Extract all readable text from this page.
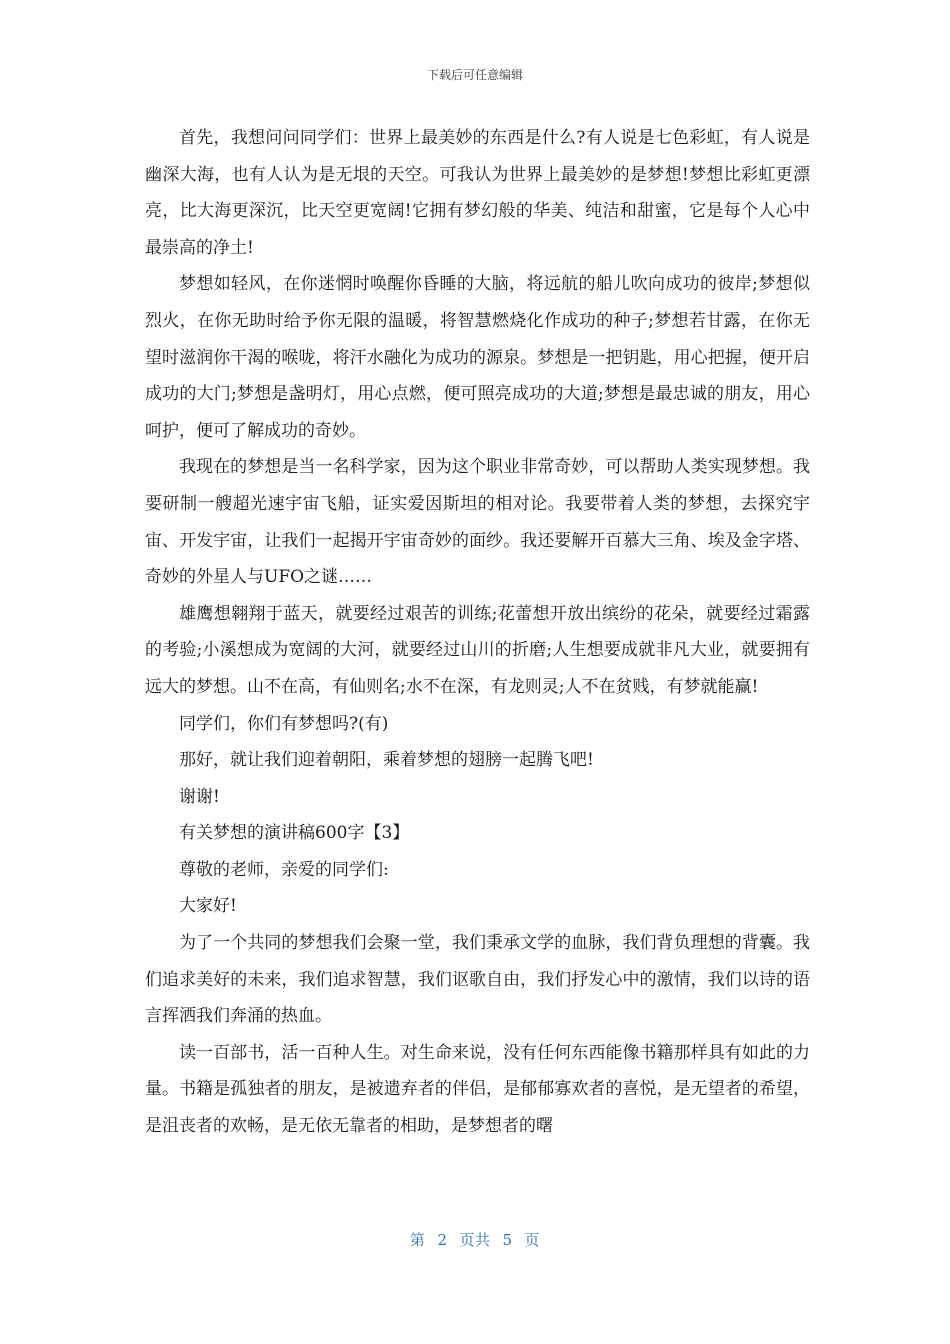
下载后可任意编辑

首先，我想问问同学们：世界上最美妙的东西是什么?有人说是七色彩虹，有人说是幽深大海，也有人认为是无垠的天空。可我认为世界上最美妙的是梦想!梦想比彩虹更漂亮，比大海更深沉，比天空更宽阔!它拥有梦幻般的华美、纯洁和甜蜜，它是每个人心中最崇高的净土!

梦想如轻风，在你迷惘时唤醒你昏睡的大脑，将远航的船儿吹向成功的彼岸;梦想似烈火，在你无助时给予你无限的温暖，将智慧燃烧化作成功的种子;梦想若甘露，在你无望时滋润你干渴的喉咙，将汗水融化为成功的源泉。梦想是一把钥匙，用心把握，便开启成功的大门;梦想是盏明灯，用心点燃，便可照亮成功的大道;梦想是最忠诚的朋友，用心呵护，便可了解成功的奇妙。

我现在的梦想是当一名科学家，因为这个职业非常奇妙，可以帮助人类实现梦想。我要研制一艘超光速宇宙飞船，证实爱因斯坦的相对论。我要带着人类的梦想，去探究宇宙、开发宇宙，让我们一起揭开宇宙奇妙的面纱。我还要解开百慕大三角、埃及金字塔、奇妙的外星人与UFO之谜……

雄鹰想翱翔于蓝天，就要经过艰苦的训练;花蕾想开放出缤纷的花朵，就要经过霜露的考验;小溪想成为宽阔的大河，就要经过山川的折磨;人生想要成就非凡大业，就要拥有远大的梦想。山不在高，有仙则名;水不在深，有龙则灵;人不在贫贱，有梦就能赢!

同学们，你们有梦想吗?(有)

那好，就让我们迎着朝阳，乘着梦想的翅膀一起腾飞吧!

谢谢!

有关梦想的演讲稿600字【3】

尊敬的老师，亲爱的同学们:

大家好!

为了一个共同的梦想我们会聚一堂，我们秉承文学的血脉，我们背负理想的背囊。我们追求美好的未来，我们追求智慧，我们讴歌自由，我们抒发心中的激情，我们以诗的语言挥洒我们奔涌的热血。

读一百部书，活一百种人生。对生命来说，没有任何东西能像书籍那样具有如此的力量。书籍是孤独者的朋友，是被遗弃者的伴侣，是郁郁寡欢者的喜悦，是无望者的希望，是沮丧者的欢畅，是无依无靠者的相助，是梦想者的曙

第 2 页共 5 页
